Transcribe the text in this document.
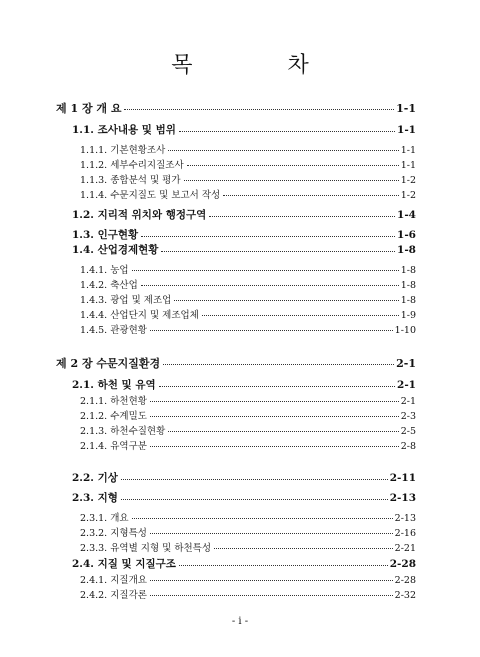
목 차
제 1 장 개 요	1-1
1.1. 조사내용 및 범위	1-1
1.1.1. 기본현황조사	1-1
1.1.2. 세부수리지질조사	1-1
1.1.3. 종합분석 및 평가	1-2
1.1.4. 수문지질도 및 보고서 작성	1-2
1.2. 지리적 위치와 행정구역	1-4
1.3. 인구현황	1-6
1.4. 산업경제현황	1-8
1.4.1. 농업	1-8
1.4.2. 축산업	1-8
1.4.3. 광업 및 제조업	1-8
1.4.4. 산업단지 및 제조업체	1-9
1.4.5. 관광현황	1-10
제 2 장 수문지질환경	2-1
2.1. 하천 및 유역	2-1
2.1.1. 하천현황	2-1
2.1.2. 수계밀도	2-3
2.1.3. 하천수질현황	2-5
2.1.4. 유역구분	2-8
2.2. 기상	2-11
2.3. 지형	2-13
2.3.1. 개요	2-13
2.3.2. 지형특성	2-16
2.3.3. 유역별 지형 및 하천특성	2-21
2.4. 지질 및 지질구조	2-28
2.4.1. 지질개요	2-28
2.4.2. 지질각론	2-32
- i -
